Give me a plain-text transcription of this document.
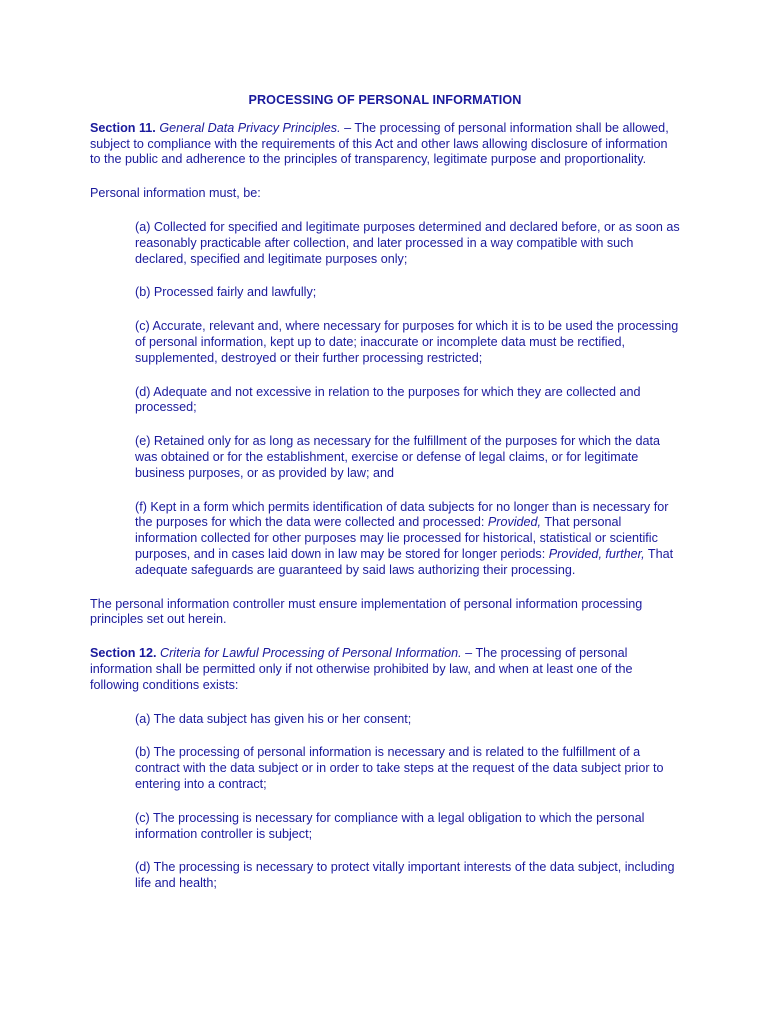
PROCESSING OF PERSONAL INFORMATION

Section 11. General Data Privacy Principles. – The processing of personal information shall be allowed, subject to compliance with the requirements of this Act and other laws allowing disclosure of information to the public and adherence to the principles of transparency, legitimate purpose and proportionality.

Personal information must, be:

(a) Collected for specified and legitimate purposes determined and declared before, or as soon as reasonably practicable after collection, and later processed in a way compatible with such declared, specified and legitimate purposes only;

(b) Processed fairly and lawfully;

(c) Accurate, relevant and, where necessary for purposes for which it is to be used the processing of personal information, kept up to date; inaccurate or incomplete data must be rectified, supplemented, destroyed or their further processing restricted;

(d) Adequate and not excessive in relation to the purposes for which they are collected and processed;

(e) Retained only for as long as necessary for the fulfillment of the purposes for which the data was obtained or for the establishment, exercise or defense of legal claims, or for legitimate business purposes, or as provided by law; and

(f) Kept in a form which permits identification of data subjects for no longer than is necessary for the purposes for which the data were collected and processed: Provided, That personal information collected for other purposes may lie processed for historical, statistical or scientific purposes, and in cases laid down in law may be stored for longer periods: Provided, further, That adequate safeguards are guaranteed by said laws authorizing their processing.

The personal information controller must ensure implementation of personal information processing principles set out herein.

Section 12. Criteria for Lawful Processing of Personal Information. – The processing of personal information shall be permitted only if not otherwise prohibited by law, and when at least one of the following conditions exists:

(a) The data subject has given his or her consent;

(b) The processing of personal information is necessary and is related to the fulfillment of a contract with the data subject or in order to take steps at the request of the data subject prior to entering into a contract;

(c) The processing is necessary for compliance with a legal obligation to which the personal information controller is subject;

(d) The processing is necessary to protect vitally important interests of the data subject, including life and health;
